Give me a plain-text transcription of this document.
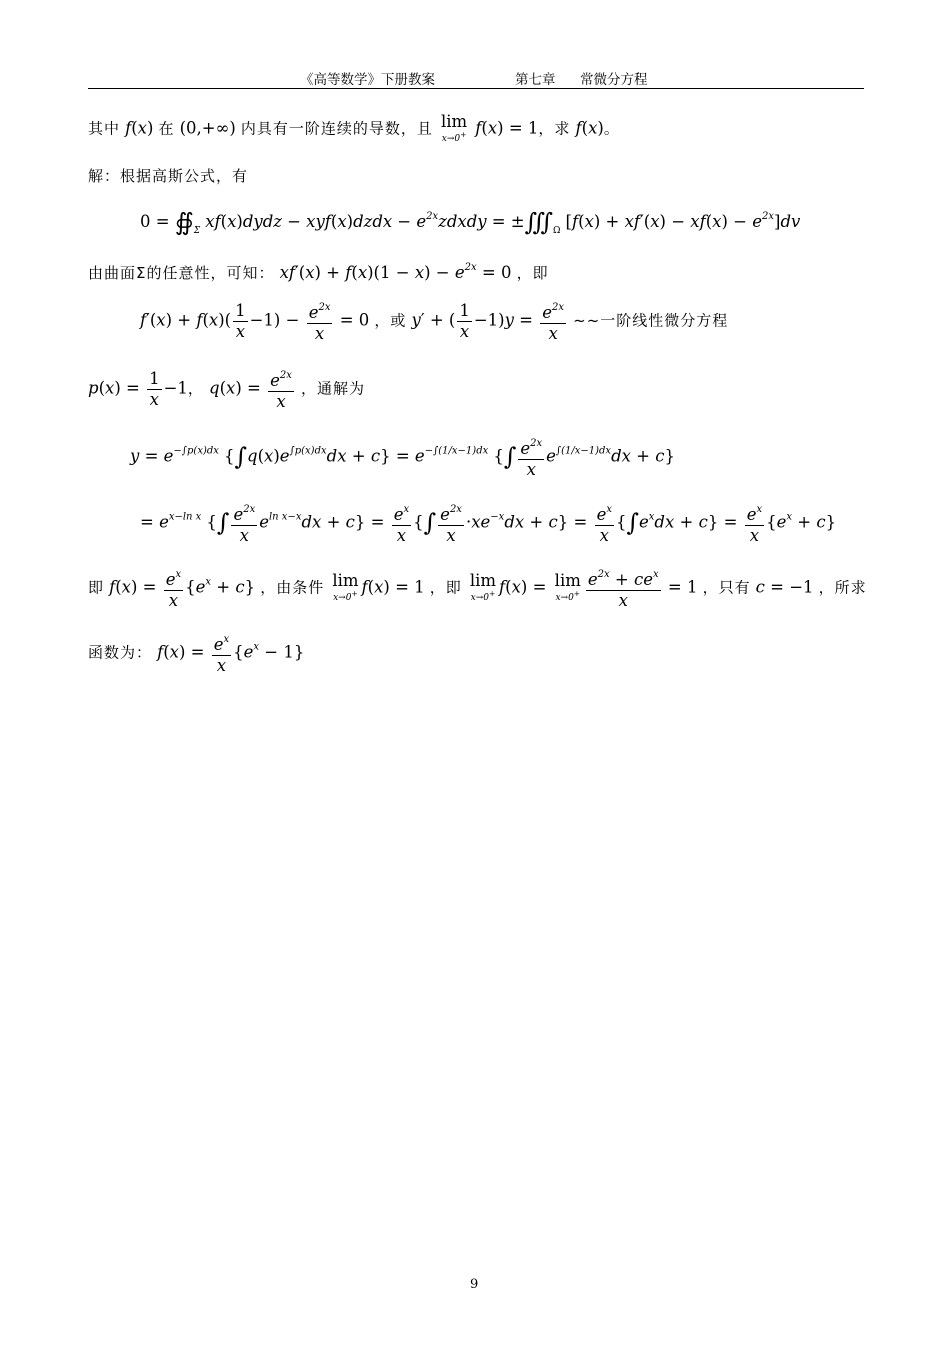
《高等数学》下册教案	第七章 常微分方程
其中 f(x) 在 (0,+∞) 内具有一阶连续的导数，且 lim
x→0+ f(x) = 1，求 f(x)。
解：根据高斯公式，有
$0 = ∯_\Sigma$ xf(x)dydz − xyf(x)dzdx − $e^{2x}zdxdy$ = $\pm∭_\Omega$ $[f(x) + xf'(x) - xf(x) - e^{2x}]dv$
由曲面Σ的任意性，可知： $xf'(x) + f(x)(1 - x) - e^{2x} = 0$ ，即
$f'(x) + f(x)( \frac{1}{x} -1) - \frac{e^{2x}}{x} = 0$ ，或 y′ + ( $\frac{1}{x} -1)y = \frac{e^{2x}}{x}$ ~~一阶线性微分方程
$p(x) = \frac{1}{x} -1$， $q(x) = \frac{e^{2x}}{x}$ ，通解为
$y = e^{-\int p(x)dx}$ $\{\int q(x)e^{\int p(x)dx}dx + c\} = e^{-\int(1/x-1)dx}$ {∫ $\frac{e^{2x}}{x} e^{\int(1/x-1)dx}dx + c$}
= $e^{x-ln x}$ {∫ $\frac{e^{2x}}{x} e^{ln x-x}dx + c\} = \frac{e^x}{x}$ {∫ $\frac{e^{2x}}{x} \cdot xe^{-x}dx + c\} = \frac{e^x}{x} \{\int e^xdx + c\} = \frac{e^x}{x} \{e^x + c\}$
即 $f(x) = \frac{e^x}{x} \{e^x + c\}$ ，由条件 lim
x→0+ f(x) = 1 ，即 lim
x→0+ f(x) = lim
$x\to 0^+ \frac{e^{2x} + ce^x}{x} = 1$ ，只有 c = −1 ，所求
函数为： $f(x) = \frac{e^x}{x} \{e^x - 1\}$
9
